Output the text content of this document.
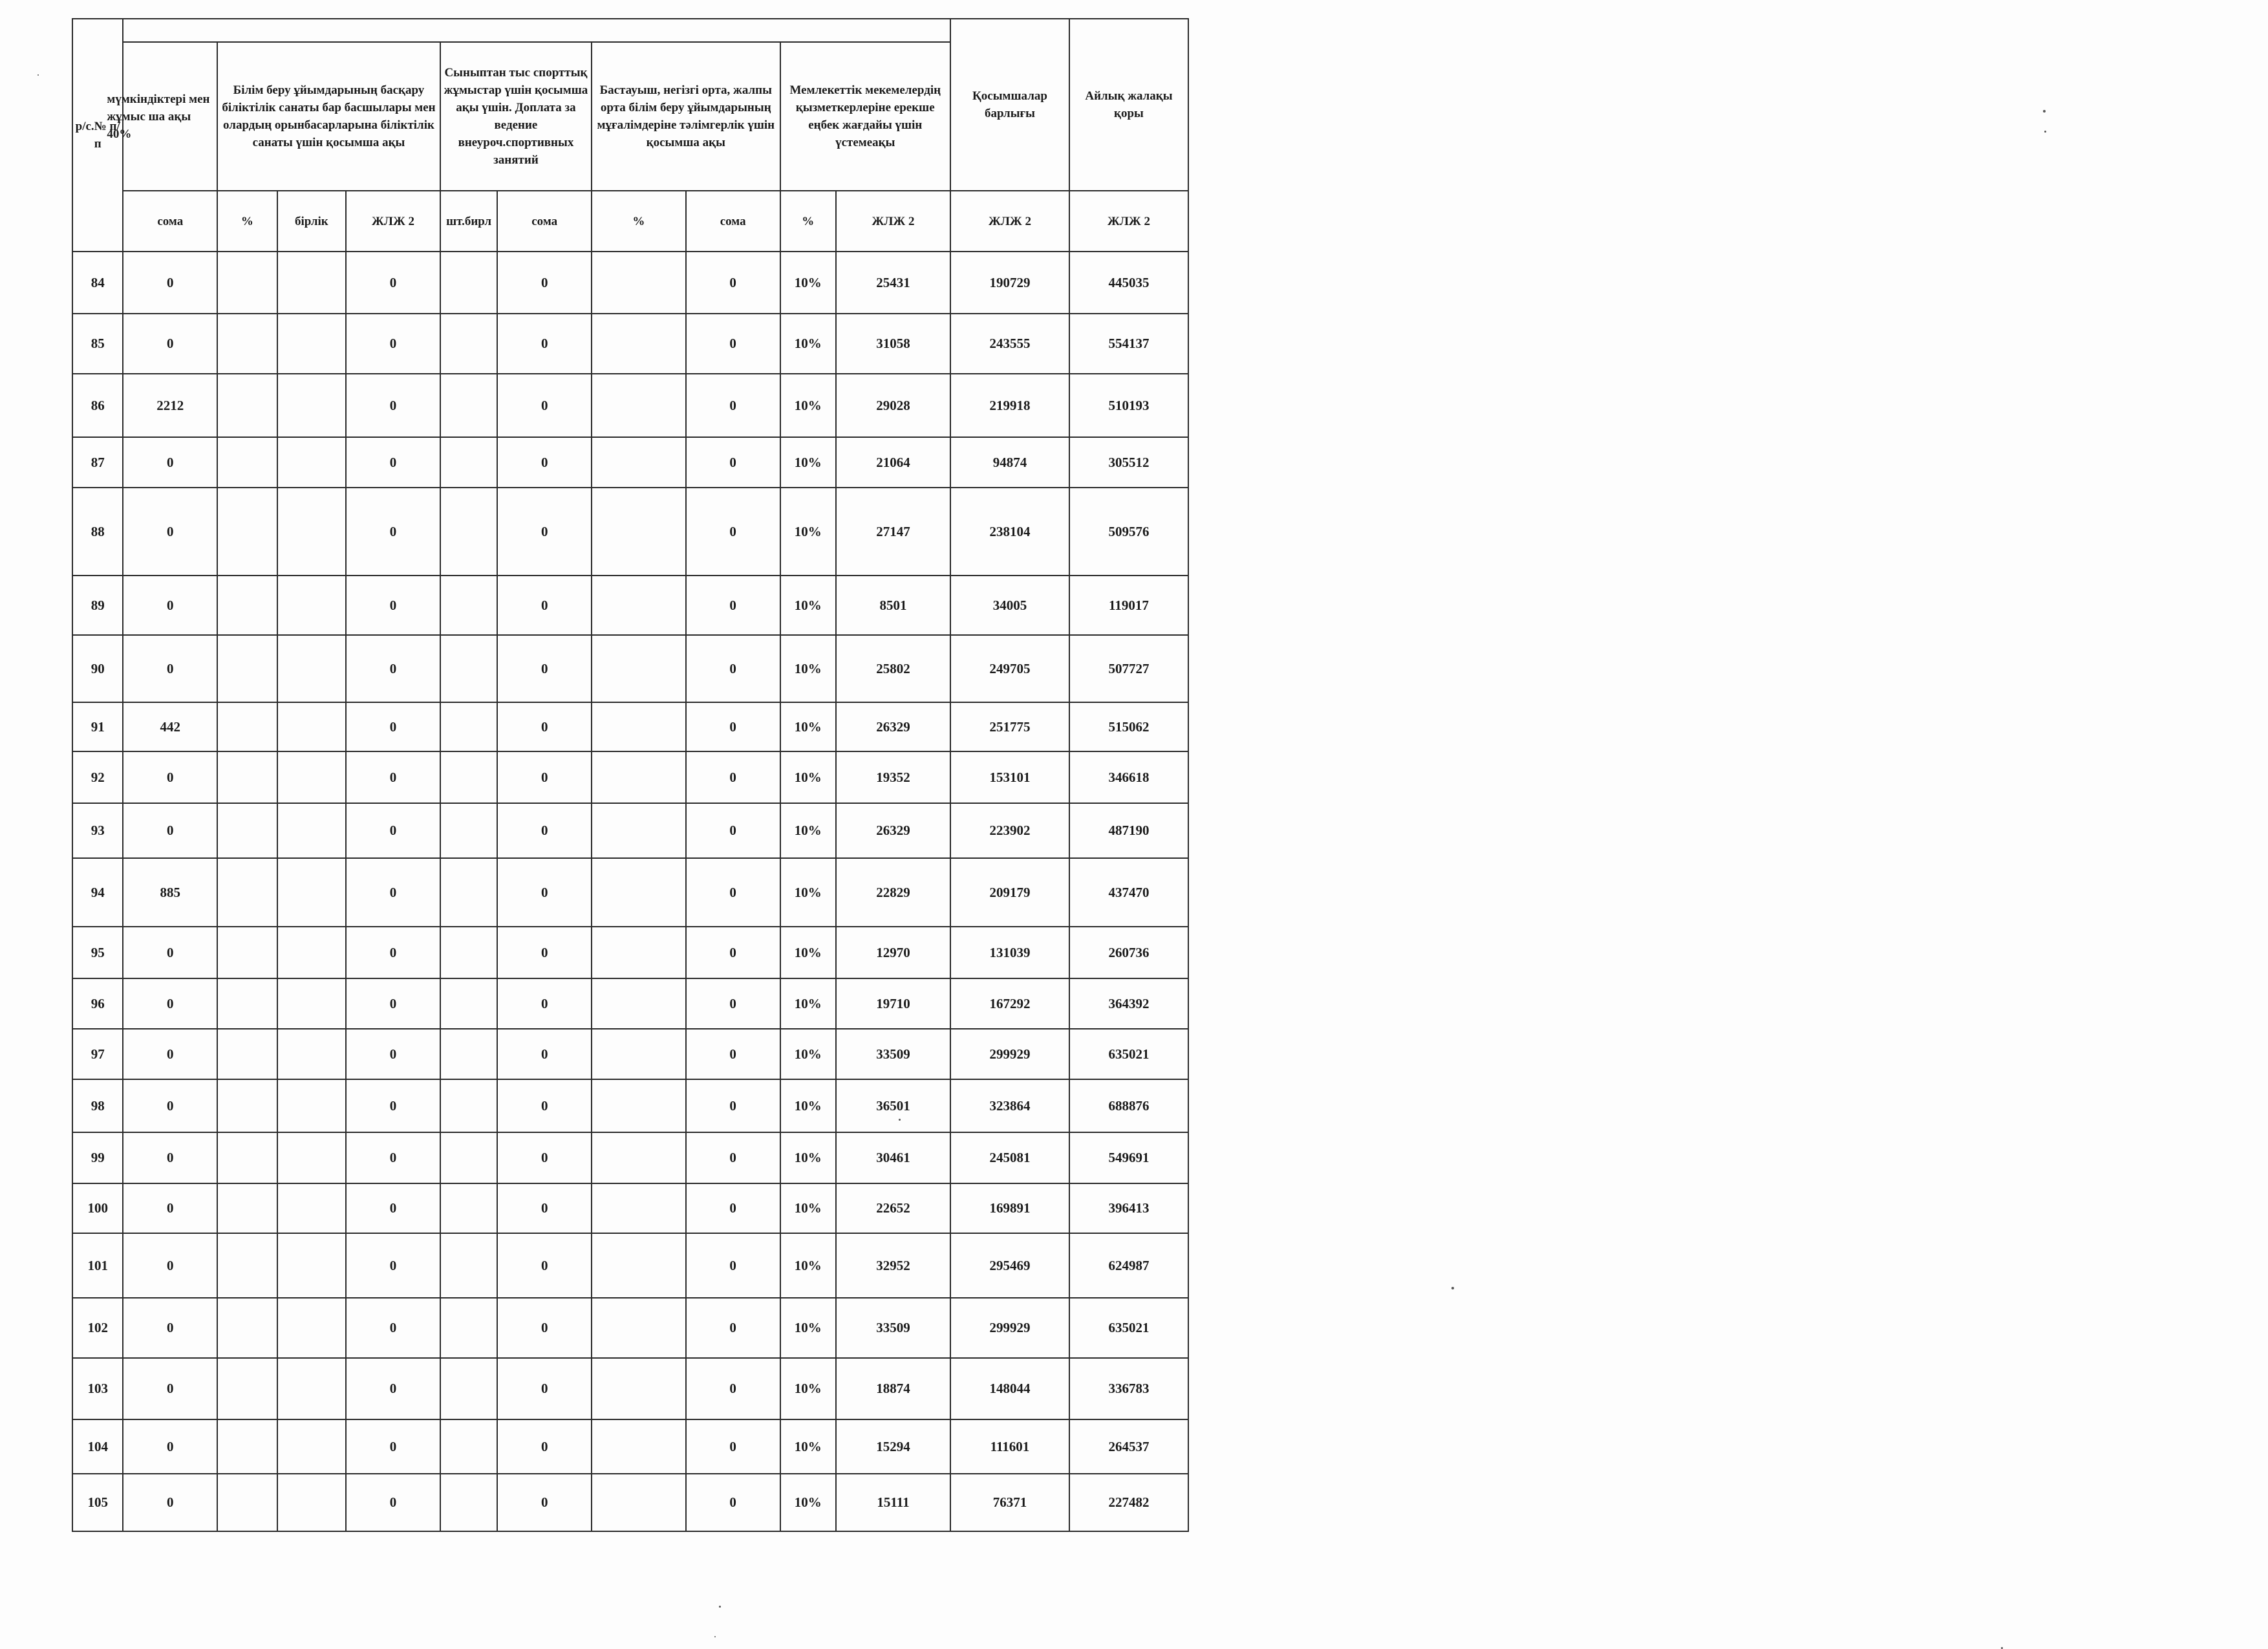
р/с.№ п/п											Қосымшалар барлығы	Айлық жалақы қоры
	мүмкіндіктері мен жұмыс ша ақы 40%	Білім беру ұйымдарының басқару біліктілік санаты бар басшылары мен олардың орынбасарларына біліктілік санаты үшін қосымша ақы			Сыныптан тыс спорттық жұмыстар үшін қосымша ақы үшін. Доплата за ведение внеуроч.спортивных занятий		Бастауыш, негізгі орта, жалпы орта білім беру ұйымдарының мұғалімдеріне тәлімгерлік үшін қосымша ақы		Мемлекеттік мекемелердің қызметкерлеріне ерекше еңбек жағдайы үшін үстемеақы			
	сома	%	бірлік	ЖЛЖ 2	шт.бирл	сома	%	сома	%	ЖЛЖ 2	ЖЛЖ 2	ЖЛЖ 2
84	0			0		0		0	10%	25431	190729	445035
85	0			0		0		0	10%	31058	243555	554137
86	2212			0		0		0	10%	29028	219918	510193
87	0			0		0		0	10%	21064	94874	305512
88	0			0		0		0	10%	27147	238104	509576
89	0			0		0		0	10%	8501	34005	119017
90	0			0		0		0	10%	25802	249705	507727
91	442			0		0		0	10%	26329	251775	515062
92	0			0		0		0	10%	19352	153101	346618
93	0			0		0		0	10%	26329	223902	487190
94	885			0		0		0	10%	22829	209179	437470
95	0			0		0		0	10%	12970	131039	260736
96	0			0		0		0	10%	19710	167292	364392
97	0			0		0		0	10%	33509	299929	635021
98	0			0		0		0	10%	36501	323864	688876
99	0			0		0		0	10%	30461	245081	549691
100	0			0		0		0	10%	22652	169891	396413
101	0			0		0		0	10%	32952	295469	624987
102	0			0		0		0	10%	33509	299929	635021
103	0			0		0		0	10%	18874	148044	336783
104	0			0		0		0	10%	15294	111601	264537
105	0			0		0		0	10%	15111	76371	227482
